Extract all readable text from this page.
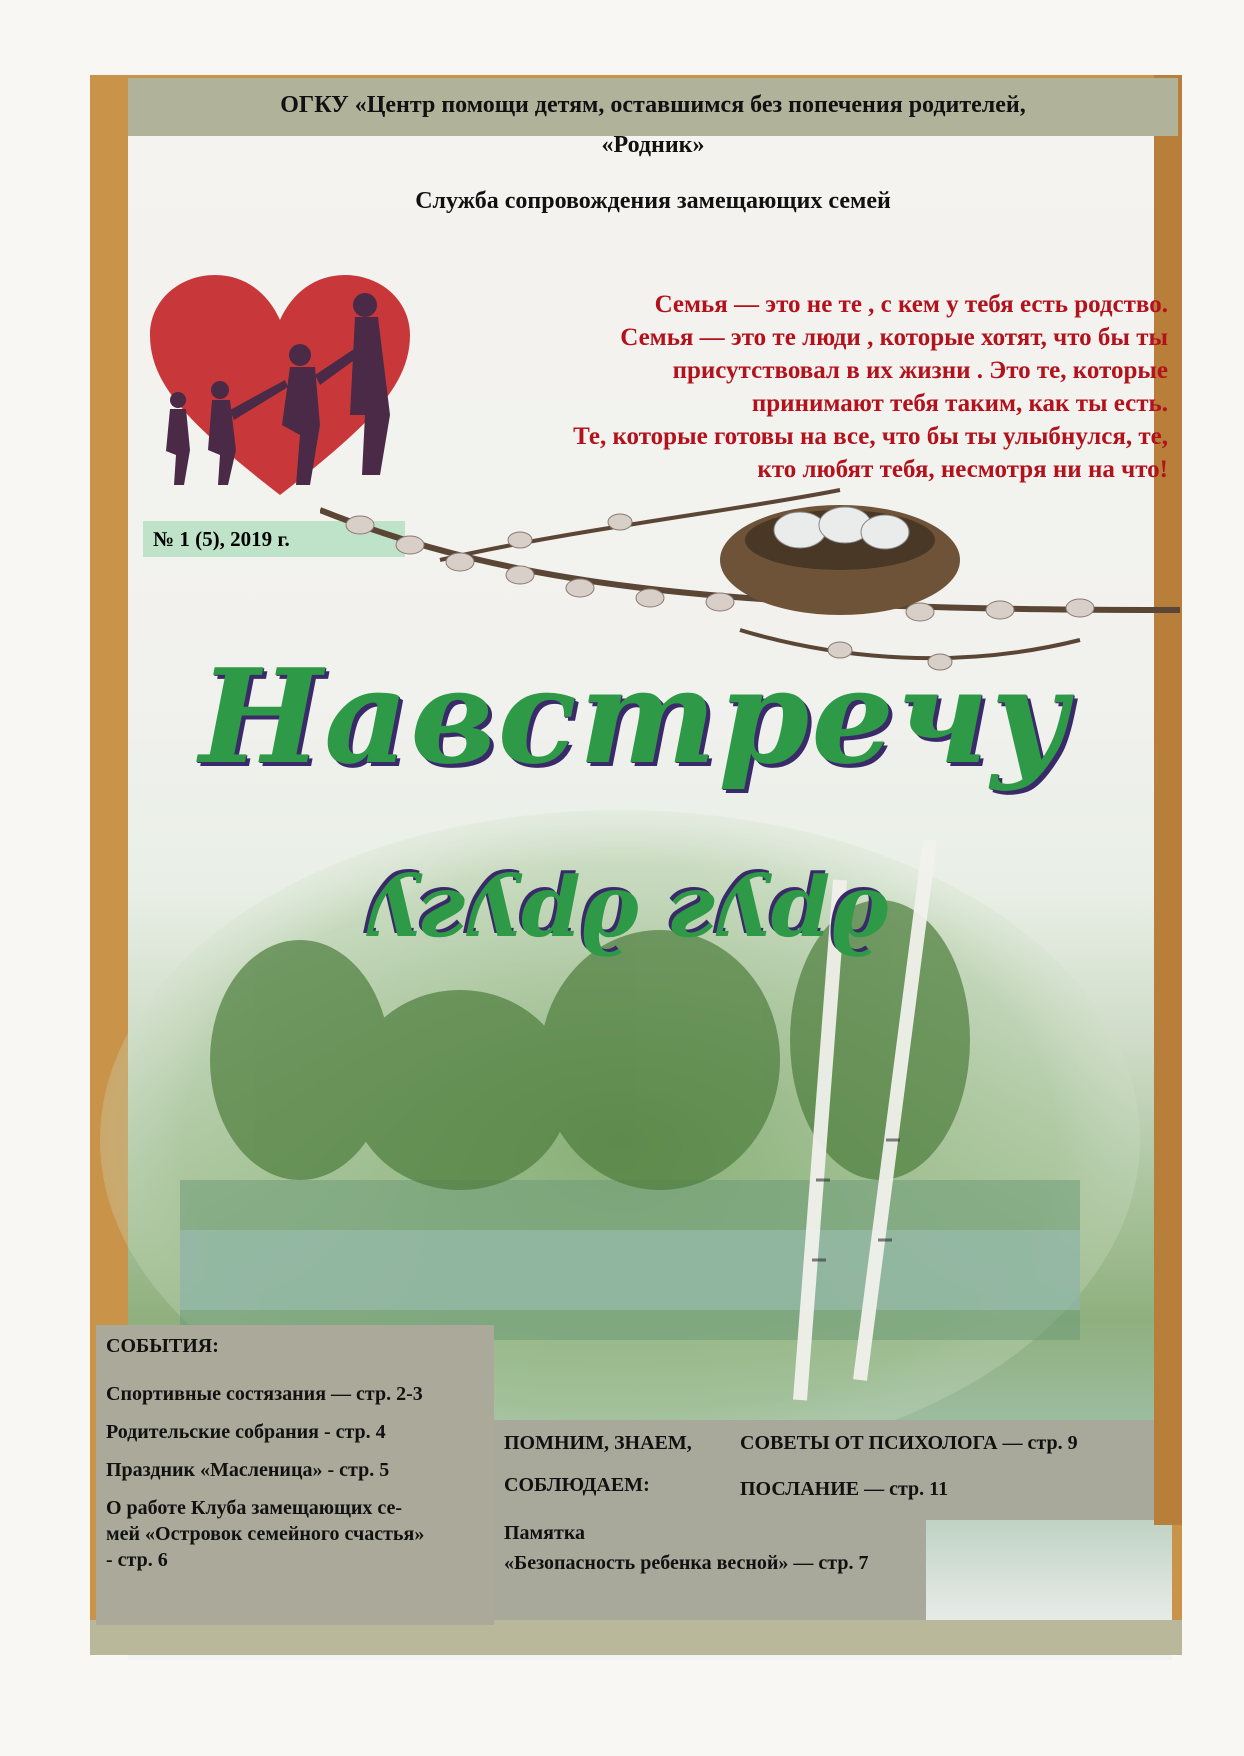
ОГКУ «Центр помощи детям, оставшимся без попечения родителей,
«Родник»
Служба сопровождения замещающих семей
Семья — это не те , с кем у тебя есть родство.
Семья — это те люди , которые хотят, что бы ты
присутствовал в их жизни . Это те, которые
принимают тебя таким, как ты есть.
Те, которые готовы на все, что бы ты улыбнулся, те,
кто любят тебя, несмотря ни на что!
№ 1 (5), 2019 г.
Навстречу
друг другу

СОБЫТИЯ:

Спортивные состязания — стр. 2-3

Родительские собрания - стр. 4

Праздник «Масленица» - стр. 5

О работе Клуба замещающих се-

мей «Островок семейного счастья»

- стр. 6

ПОМНИМ, ЗНАЕМ,

СОБЛЮДАЕМ:

Памятка

«Безопасность ребенка весной» — стр. 7

СОВЕТЫ ОТ ПСИХОЛОГА — стр. 9

ПОСЛАНИЕ — стр. 11
